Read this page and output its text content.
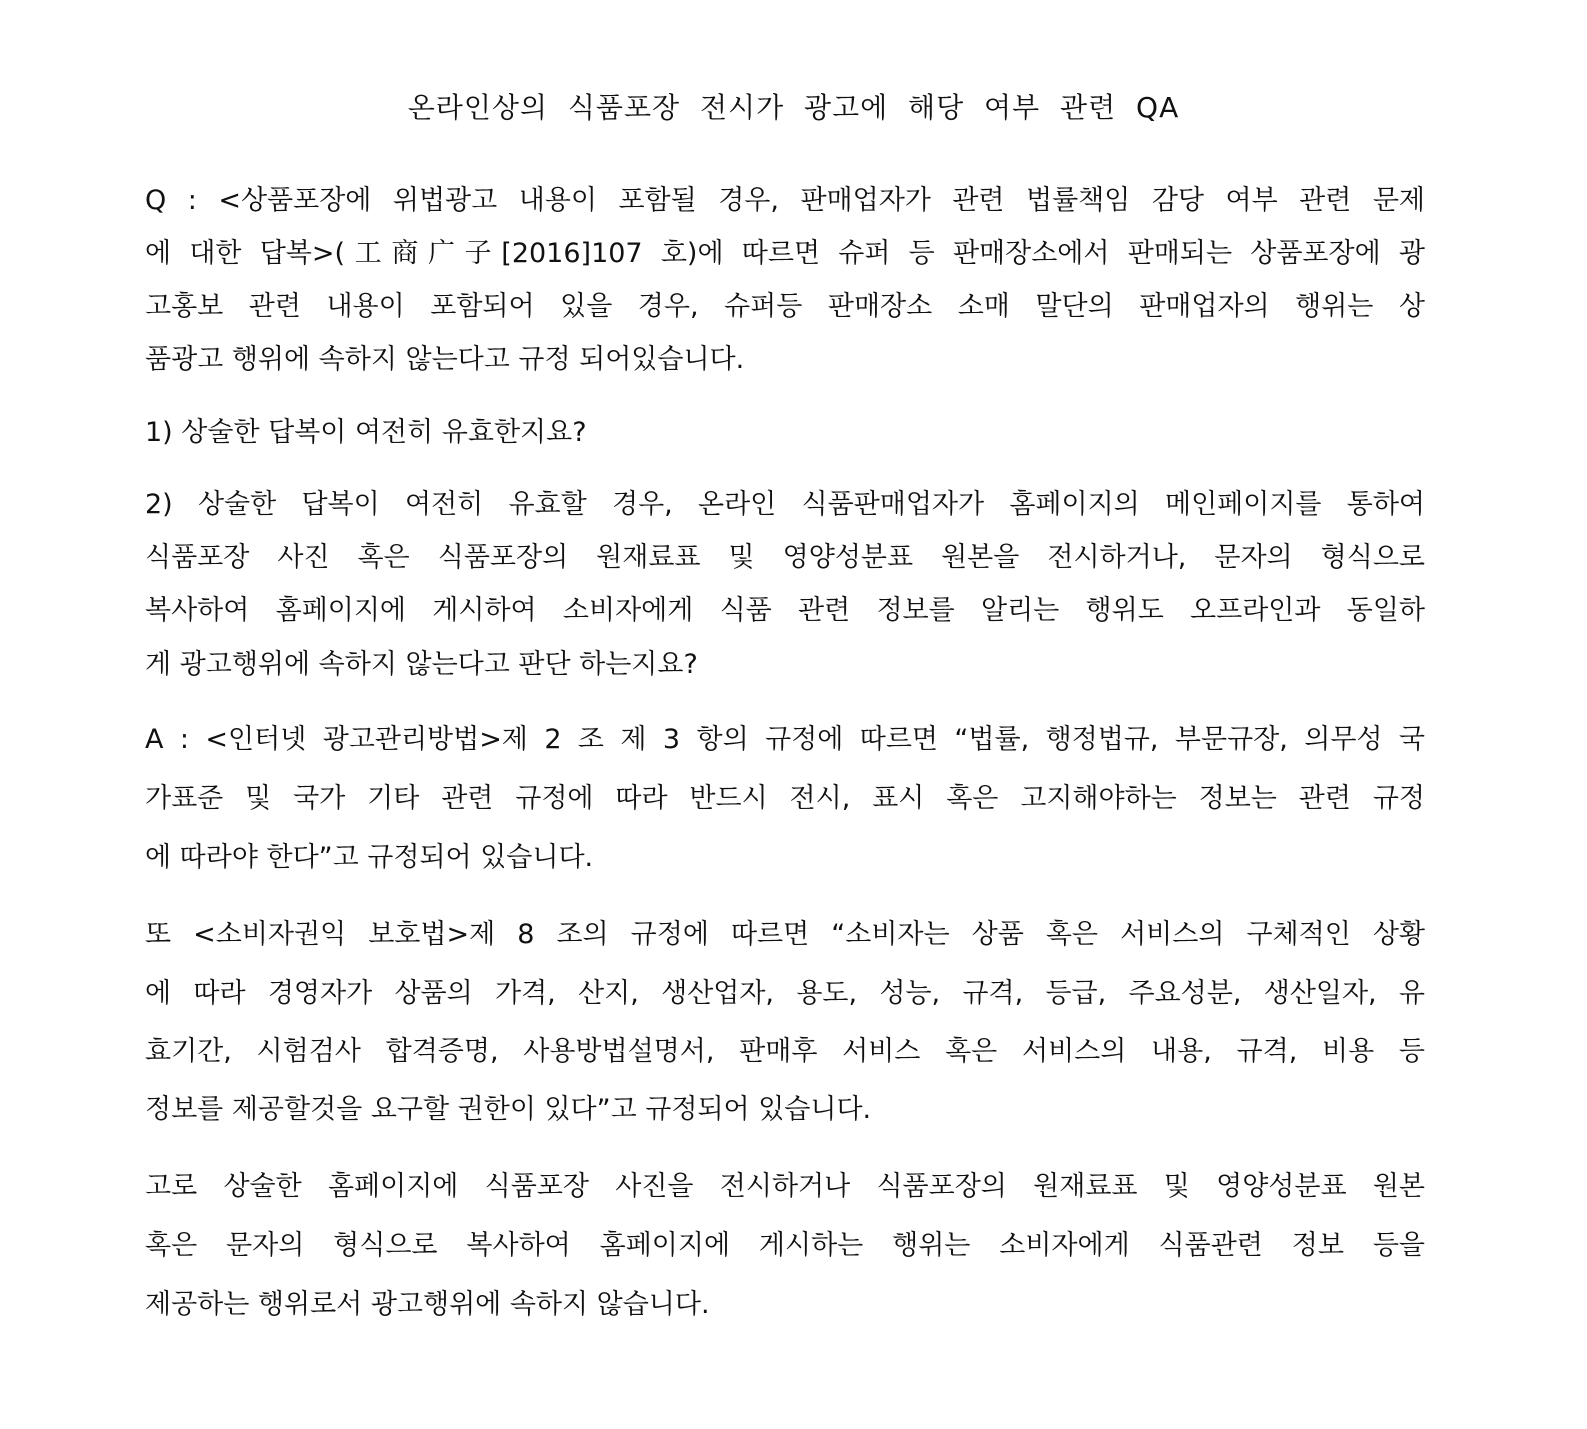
온라인상의 식품포장 전시가 광고에 해당 여부 관련 QA
Q : <상품포장에 위법광고 내용이 포함될 경우, 판매업자가 관련 법률책임 감당 여부 관련 문제
에 대한 답복>(工商广子[2016]107 호)에 따르면 슈퍼 등 판매장소에서 판매되는 상품포장에 광
고홍보 관련 내용이 포함되어 있을 경우, 슈퍼등 판매장소 소매 말단의 판매업자의 행위는 상
품광고 행위에 속하지 않는다고 규정 되어있습니다.
1) 상술한 답복이 여전히 유효한지요?
2) 상술한 답복이 여전히 유효할 경우, 온라인 식품판매업자가 홈페이지의 메인페이지를 통하여
식품포장 사진 혹은 식품포장의 원재료표 및 영양성분표 원본을 전시하거나, 문자의 형식으로
복사하여 홈페이지에 게시하여 소비자에게 식품 관련 정보를 알리는 행위도 오프라인과 동일하
게 광고행위에 속하지 않는다고 판단 하는지요?
A : <인터넷 광고관리방법>제 2 조 제 3 항의 규정에 따르면 “법률, 행정법규, 부문규장, 의무성 국
가표준 및 국가 기타 관련 규정에 따라 반드시 전시, 표시 혹은 고지해야하는 정보는 관련 규정
에 따라야 한다”고 규정되어 있습니다.
또 <소비자권익 보호법>제 8 조의 규정에 따르면 “소비자는 상품 혹은 서비스의 구체적인 상황
에 따라 경영자가 상품의 가격, 산지, 생산업자, 용도, 성능, 규격, 등급, 주요성분, 생산일자, 유
효기간, 시험검사 합격증명, 사용방법설명서, 판매후 서비스 혹은 서비스의 내용, 규격, 비용 등
정보를 제공할것을 요구할 권한이 있다”고 규정되어 있습니다.
고로 상술한 홈페이지에 식품포장 사진을 전시하거나 식품포장의 원재료표 및 영양성분표 원본
혹은 문자의 형식으로 복사하여 홈페이지에 게시하는 행위는 소비자에게 식품관련 정보 등을
제공하는 행위로서 광고행위에 속하지 않습니다.
